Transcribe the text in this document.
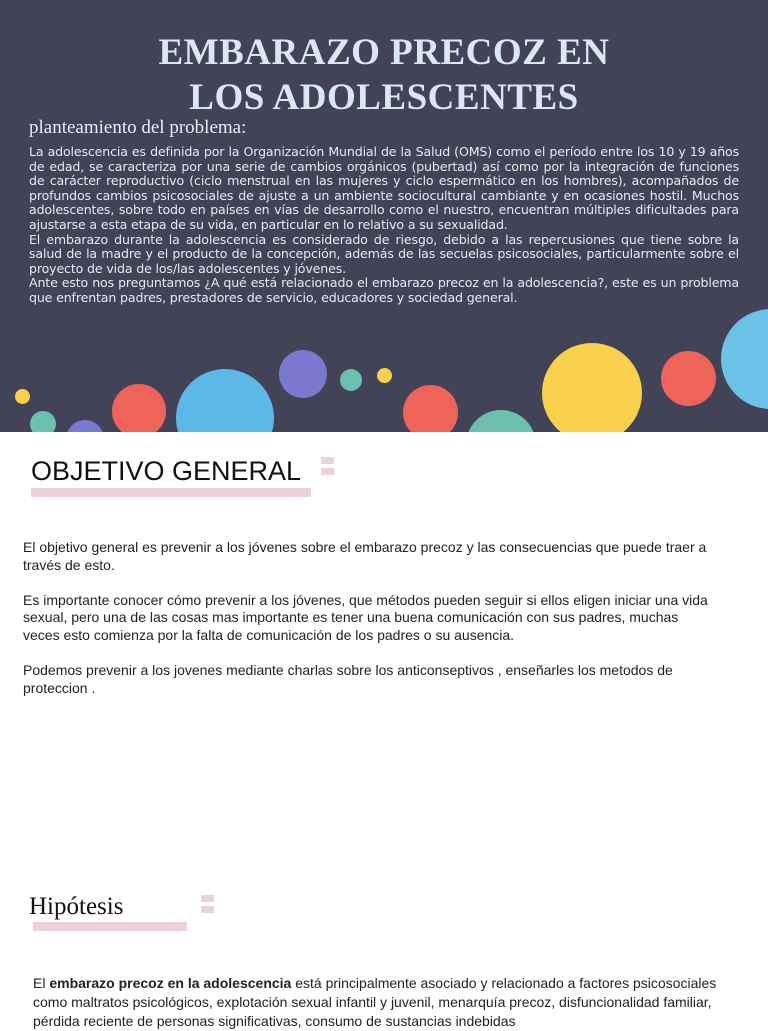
EMBARAZO PRECOZ EN
LOS ADOLESCENTES

planteamiento del problema:

La adolescencia es definida por la Organización Mundial de la Salud (OMS) como el período entre los 10 y 19 años de edad, se caracteriza por una serie de cambios orgánicos (pubertad) así como por la integración de funciones de carácter reproductivo (ciclo menstrual en las mujeres y ciclo espermático en los hombres), acompañados de profundos cambios psicosociales de ajuste a un ambiente sociocultural cambiante y en ocasiones hostil. Muchos adolescentes, sobre todo en países en vías de desarrollo como el nuestro, encuentran múltiples dificultades para ajustarse a esta etapa de su vida, en particular en lo relativo a su sexualidad.

El embarazo durante la adolescencia es considerado de riesgo, debido a las repercusiones que tiene sobre la salud de la madre y el producto de la concepción, además de las secuelas psicosociales, particularmente sobre el proyecto de vida de los/las adolescentes y jóvenes.

Ante esto nos preguntamos ¿A qué está relacionado el embarazo precoz en la adolescencia?, este es un problema que enfrentan padres, prestadores de servicio, educadores y sociedad general.

OBJETIVO GENERAL

El objetivo general es prevenir a los jóvenes sobre el embarazo precoz y las consecuencias que puede traer a través de esto.

Es importante conocer cómo prevenir a los jóvenes, que métodos pueden seguir si ellos eligen iniciar una vida sexual, pero una de las cosas mas importante es tener una buena comunicación con sus padres, muchas veces esto comienza por la falta de comunicación de los padres o su ausencia.

Podemos prevenir a los jovenes mediante charlas sobre los anticonseptivos , enseñarles los metodos de proteccion .

Hipótesis
El embarazo precoz en la adolescencia está principalmente asociado y relacionado a factores psicosociales como maltratos psicológicos, explotación sexual infantil y juvenil, menarquía precoz, disfuncionalidad familiar, pérdida reciente de personas significativas, consumo de sustancias indebidas
